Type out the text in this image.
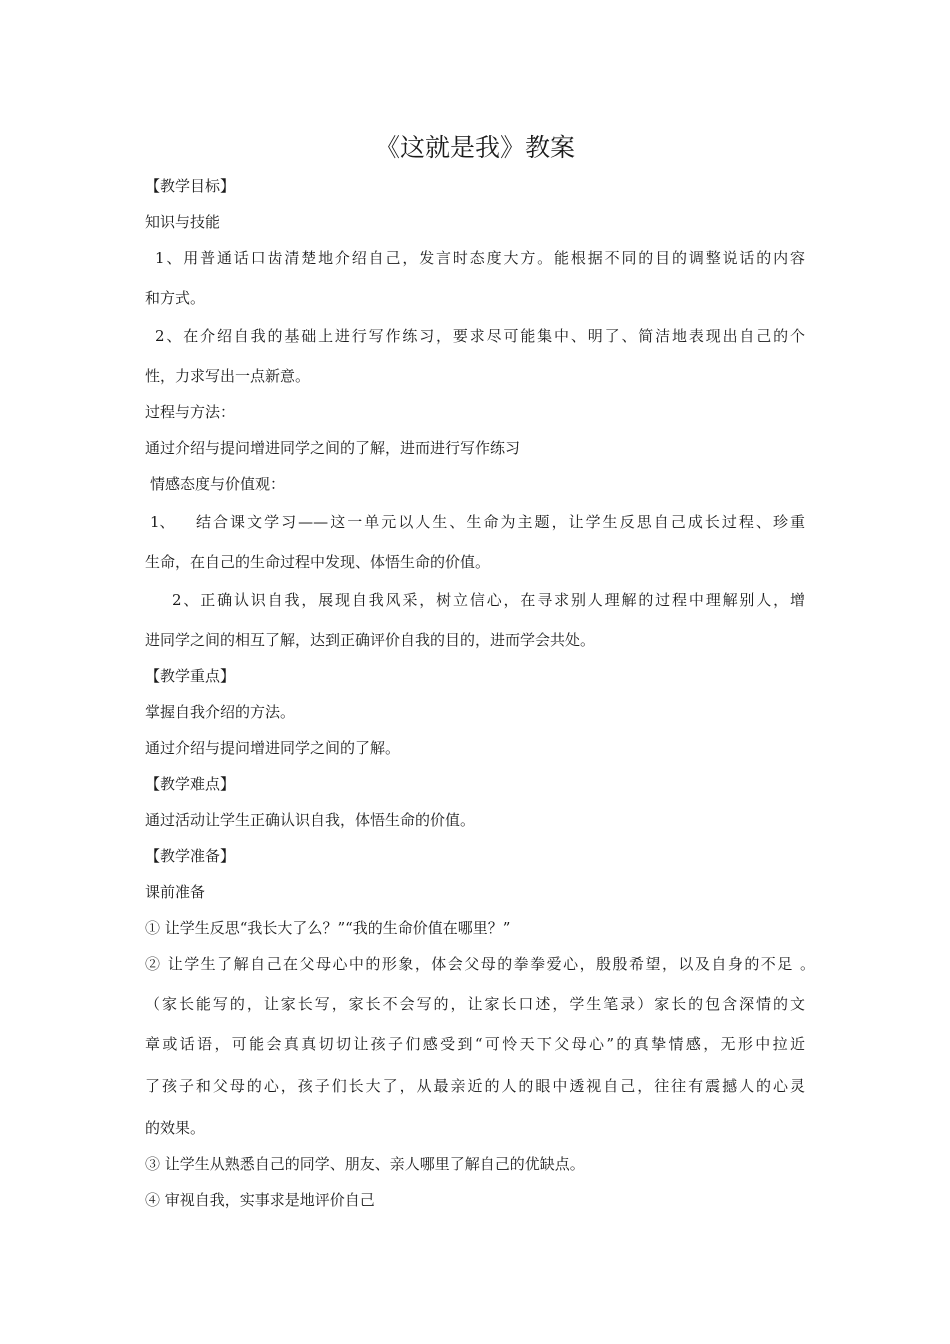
《这就是我》教案
【教学目标】
知识与技能
1、用普通话口齿清楚地介绍自己，发言时态度大方。能根据不同的目的调整说话的内容
和方式。
2、在介绍自我的基础上进行写作练习，要求尽可能集中、明了、简洁地表现出自己的个
性，力求写出一点新意。
过程与方法：
通过介绍与提问增进同学之间的了解，进而进行写作练习
情感态度与价值观：
1、 结合课文学习——这一单元以人生、生命为主题，让学生反思自己成长过程、珍重
生命，在自己的生命过程中发现、体悟生命的价值。
2、正确认识自我，展现自我风采，树立信心，在寻求别人理解的过程中理解别人，增
进同学之间的相互了解，达到正确评价自我的目的，进而学会共处。
【教学重点】
掌握自我介绍的方法。
通过介绍与提问增进同学之间的了解。
【教学难点】
通过活动让学生正确认识自我，体悟生命的价值。
【教学准备】
课前准备
① 让学生反思“我长大了么？”“我的生命价值在哪里？”
② 让学生了解自己在父母心中的形象，体会父母的拳拳爱心，殷殷希望，以及自身的不足 。
（家长能写的，让家长写，家长不会写的，让家长口述，学生笔录）家长的包含深情的文
章或话语，可能会真真切切让孩子们感受到“可怜天下父母心”的真挚情感，无形中拉近
了孩子和父母的心，孩子们长大了，从最亲近的人的眼中透视自己，往往有震撼人的心灵
的效果。
③ 让学生从熟悉自己的同学、朋友、亲人哪里了解自己的优缺点。
④ 审视自我，实事求是地评价自己
